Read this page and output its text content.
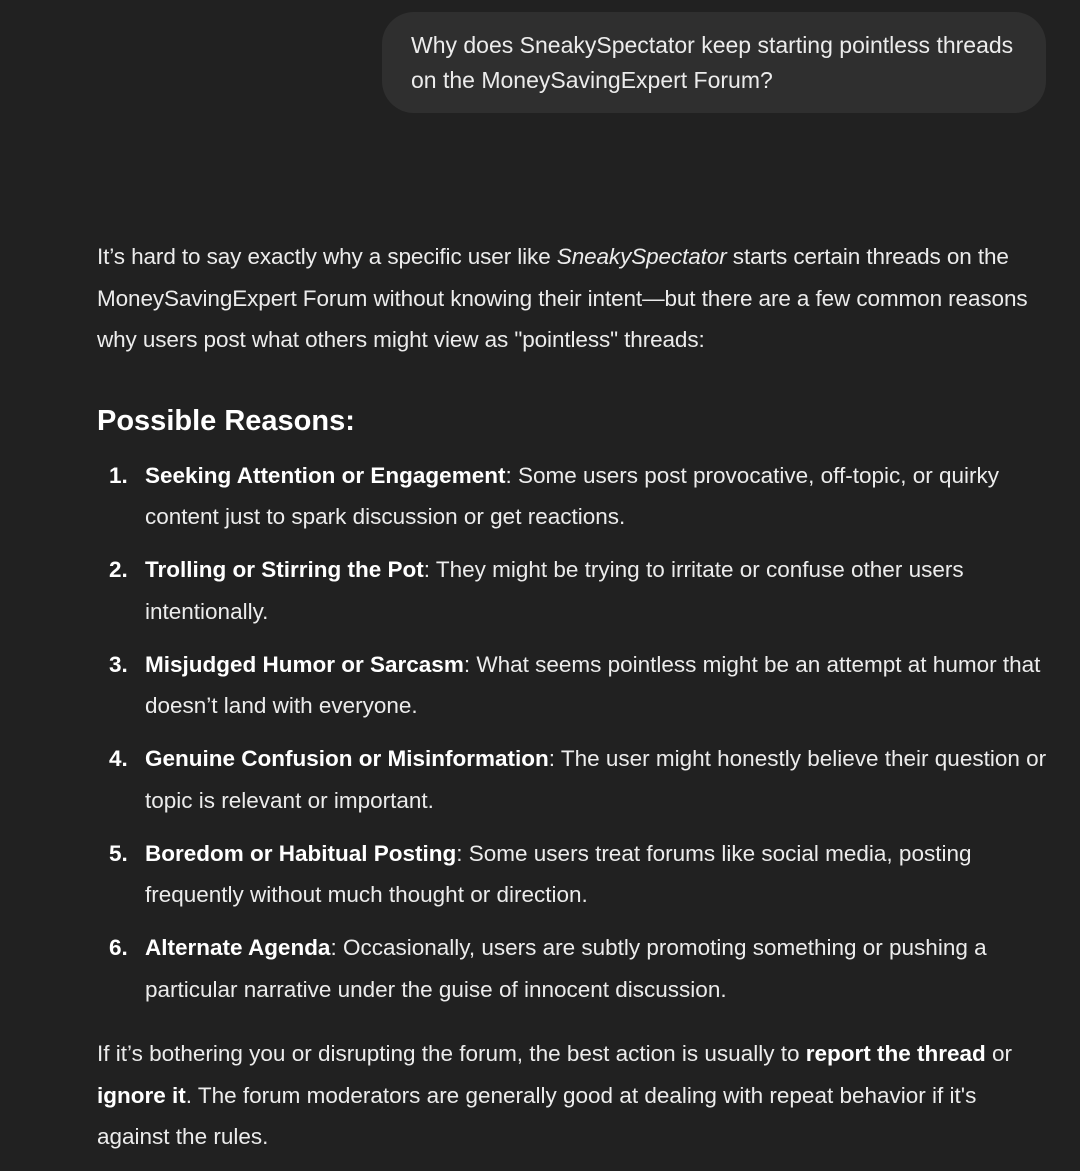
Why does SneakySpectator keep starting pointless threads on the MoneySavingExpert Forum?

It’s hard to say exactly why a specific user like SneakySpectator starts certain threads on the MoneySavingExpert Forum without knowing their intent—but there are a few common reasons why users post what others might view as "pointless" threads:

Possible Reasons:
1. Seeking Attention or Engagement: Some users post provocative, off-topic, or quirky content just to spark discussion or get reactions.
2. Trolling or Stirring the Pot: They might be trying to irritate or confuse other users intentionally.
3. Misjudged Humor or Sarcasm: What seems pointless might be an attempt at humor that doesn’t land with everyone.
4. Genuine Confusion or Misinformation: The user might honestly believe their question or topic is relevant or important.
5. Boredom or Habitual Posting: Some users treat forums like social media, posting frequently without much thought or direction.
6. Alternate Agenda: Occasionally, users are subtly promoting something or pushing a particular narrative under the guise of innocent discussion.

If it’s bothering you or disrupting the forum, the best action is usually to report the thread or ignore it. The forum moderators are generally good at dealing with repeat behavior if it's against the rules.
